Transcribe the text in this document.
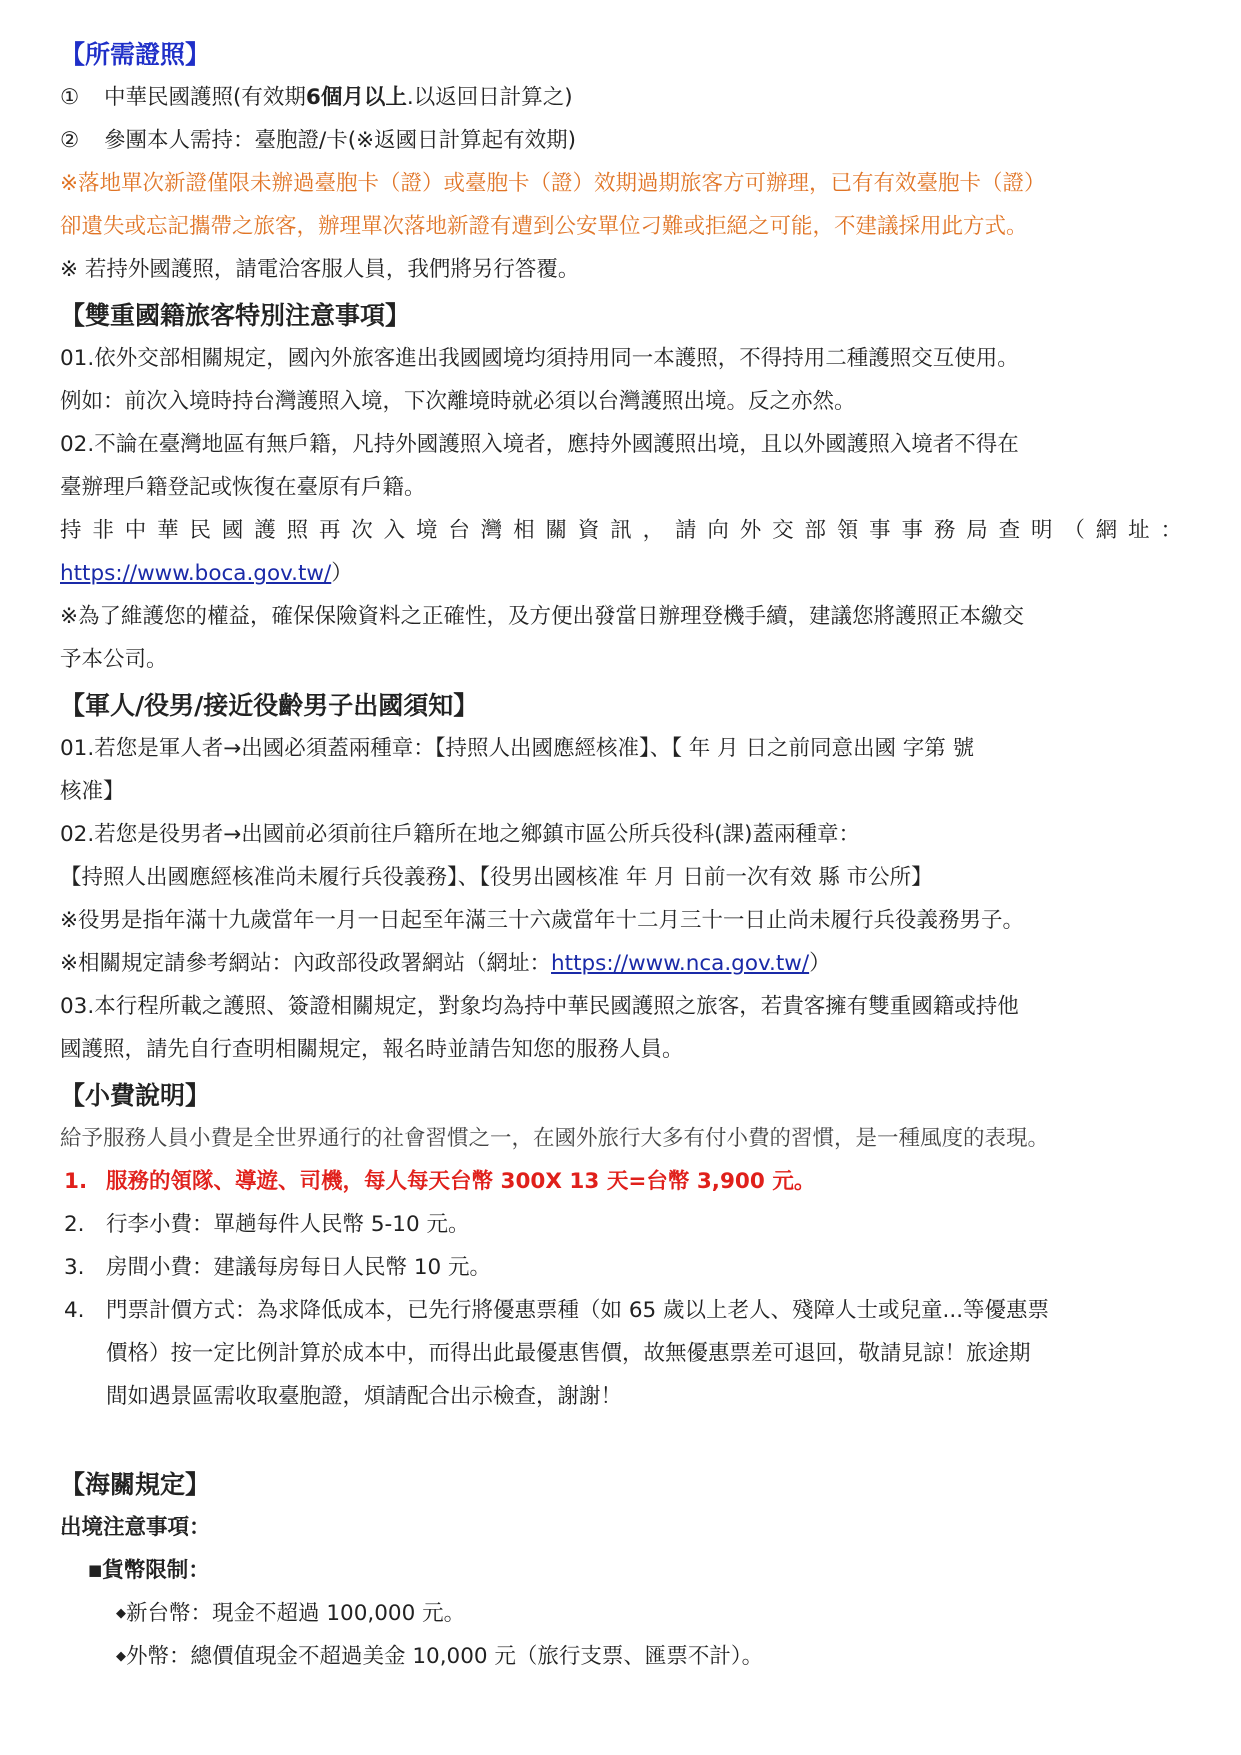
【所需證照】
① 中華民國護照(有效期6個月以上.以返回日計算之)
② 參團本人需持：臺胞證/卡(※返國日計算起有效期)
※落地單次新證僅限未辦過臺胞卡（證）或臺胞卡（證）效期過期旅客方可辦理，已有有效臺胞卡（證）
卻遺失或忘記攜帶之旅客，辦理單次落地新證有遭到公安單位刁難或拒絕之可能，不建議採用此方式。
※ 若持外國護照，請電洽客服人員，我們將另行答覆。
【雙重國籍旅客特別注意事項】
01.依外交部相關規定，國內外旅客進出我國國境均須持用同一本護照，不得持用二種護照交互使用。
例如：前次入境時持台灣護照入境，下次離境時就必須以台灣護照出境。反之亦然。
02.不論在臺灣地區有無戶籍，凡持外國護照入境者，應持外國護照出境，且以外國護照入境者不得在
臺辦理戶籍登記或恢復在臺原有戶籍。
持非中華民國護照再次入境台灣相關資訊，請向外交部領事事務局查明（網址：
https://www.boca.gov.tw/）
※為了維護您的權益，確保保險資料之正確性，及方便出發當日辦理登機手續，建議您將護照正本繳交
予本公司。
【軍人/役男/接近役齡男子出國須知】
01.若您是軍人者→出國必須蓋兩種章：【持照人出國應經核准】、【 年 月 日之前同意出國 字第 號
核准】
02.若您是役男者→出國前必須前往戶籍所在地之鄉鎮市區公所兵役科(課)蓋兩種章：
【持照人出國應經核准尚未履行兵役義務】、【役男出國核准 年 月 日前一次有效 縣 市公所】
※役男是指年滿十九歲當年一月一日起至年滿三十六歲當年十二月三十一日止尚未履行兵役義務男子。
※相關規定請參考網站：內政部役政署網站（網址：https://www.nca.gov.tw/）
03.本行程所載之護照、簽證相關規定，對象均為持中華民國護照之旅客，若貴客擁有雙重國籍或持他
國護照，請先自行查明相關規定，報名時並請告知您的服務人員。
【小費說明】
給予服務人員小費是全世界通行的社會習慣之一，在國外旅行大多有付小費的習慣，是一種風度的表現。
1. 服務的領隊、導遊、司機，每人每天台幣 300X 13 天=台幣 3,900 元。
2. 行李小費：單趟每件人民幣 5-10 元。
3. 房間小費：建議每房每日人民幣 10 元。
4. 門票計價方式：為求降低成本，已先行將優惠票種（如 65 歲以上老人、殘障人士或兒童...等優惠票
價格）按一定比例計算於成本中，而得出此最優惠售價，故無優惠票差可退回，敬請見諒！旅途期
間如遇景區需收取臺胞證，煩請配合出示檢查，謝謝！
【海關規定】
出境注意事項：
■貨幣限制：
◆新台幣：現金不超過 100,000 元。
◆外幣：總價值現金不超過美金 10,000 元（旅行支票、匯票不計）。
